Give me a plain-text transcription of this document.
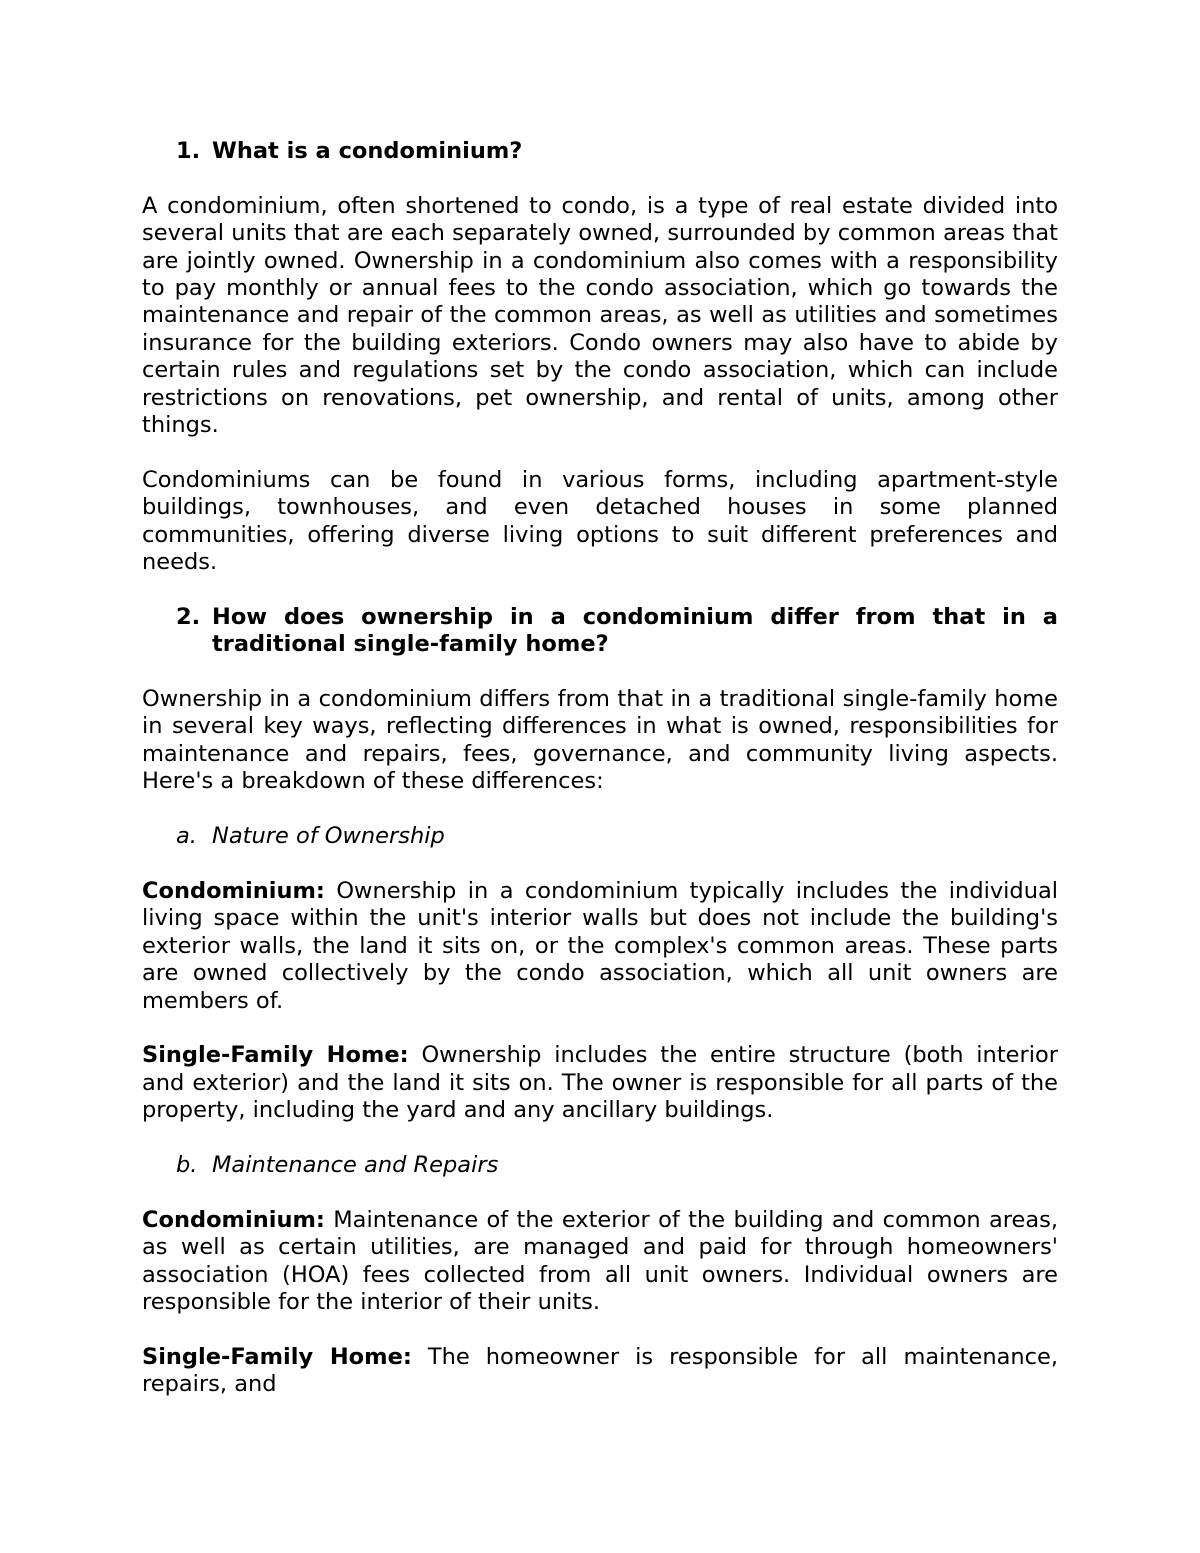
1. What is a condominium?

A condominium, often shortened to condo, is a type of real estate divided into several units that are each separately owned, surrounded by common areas that are jointly owned. Ownership in a condominium also comes with a responsibility to pay monthly or annual fees to the condo association, which go towards the maintenance and repair of the common areas, as well as utilities and sometimes insurance for the building exteriors. Condo owners may also have to abide by certain rules and regulations set by the condo association, which can include restrictions on renovations, pet ownership, and rental of units, among other things.

Condominiums can be found in various forms, including apartment-style buildings, townhouses, and even detached houses in some planned communities, offering diverse living options to suit different preferences and needs.

2. How does ownership in a condominium differ from that in a traditional single-family home?

Ownership in a condominium differs from that in a traditional single-family home in several key ways, reflecting differences in what is owned, responsibilities for maintenance and repairs, fees, governance, and community living aspects. Here's a breakdown of these differences:

a. Nature of Ownership

Condominium: Ownership in a condominium typically includes the individual living space within the unit's interior walls but does not include the building's exterior walls, the land it sits on, or the complex's common areas. These parts are owned collectively by the condo association, which all unit owners are members of.

Single-Family Home: Ownership includes the entire structure (both interior and exterior) and the land it sits on. The owner is responsible for all parts of the property, including the yard and any ancillary buildings.

b. Maintenance and Repairs

Condominium: Maintenance of the exterior of the building and common areas, as well as certain utilities, are managed and paid for through homeowners' association (HOA) fees collected from all unit owners. Individual owners are responsible for the interior of their units.

Single-Family Home: The homeowner is responsible for all maintenance, repairs, and
